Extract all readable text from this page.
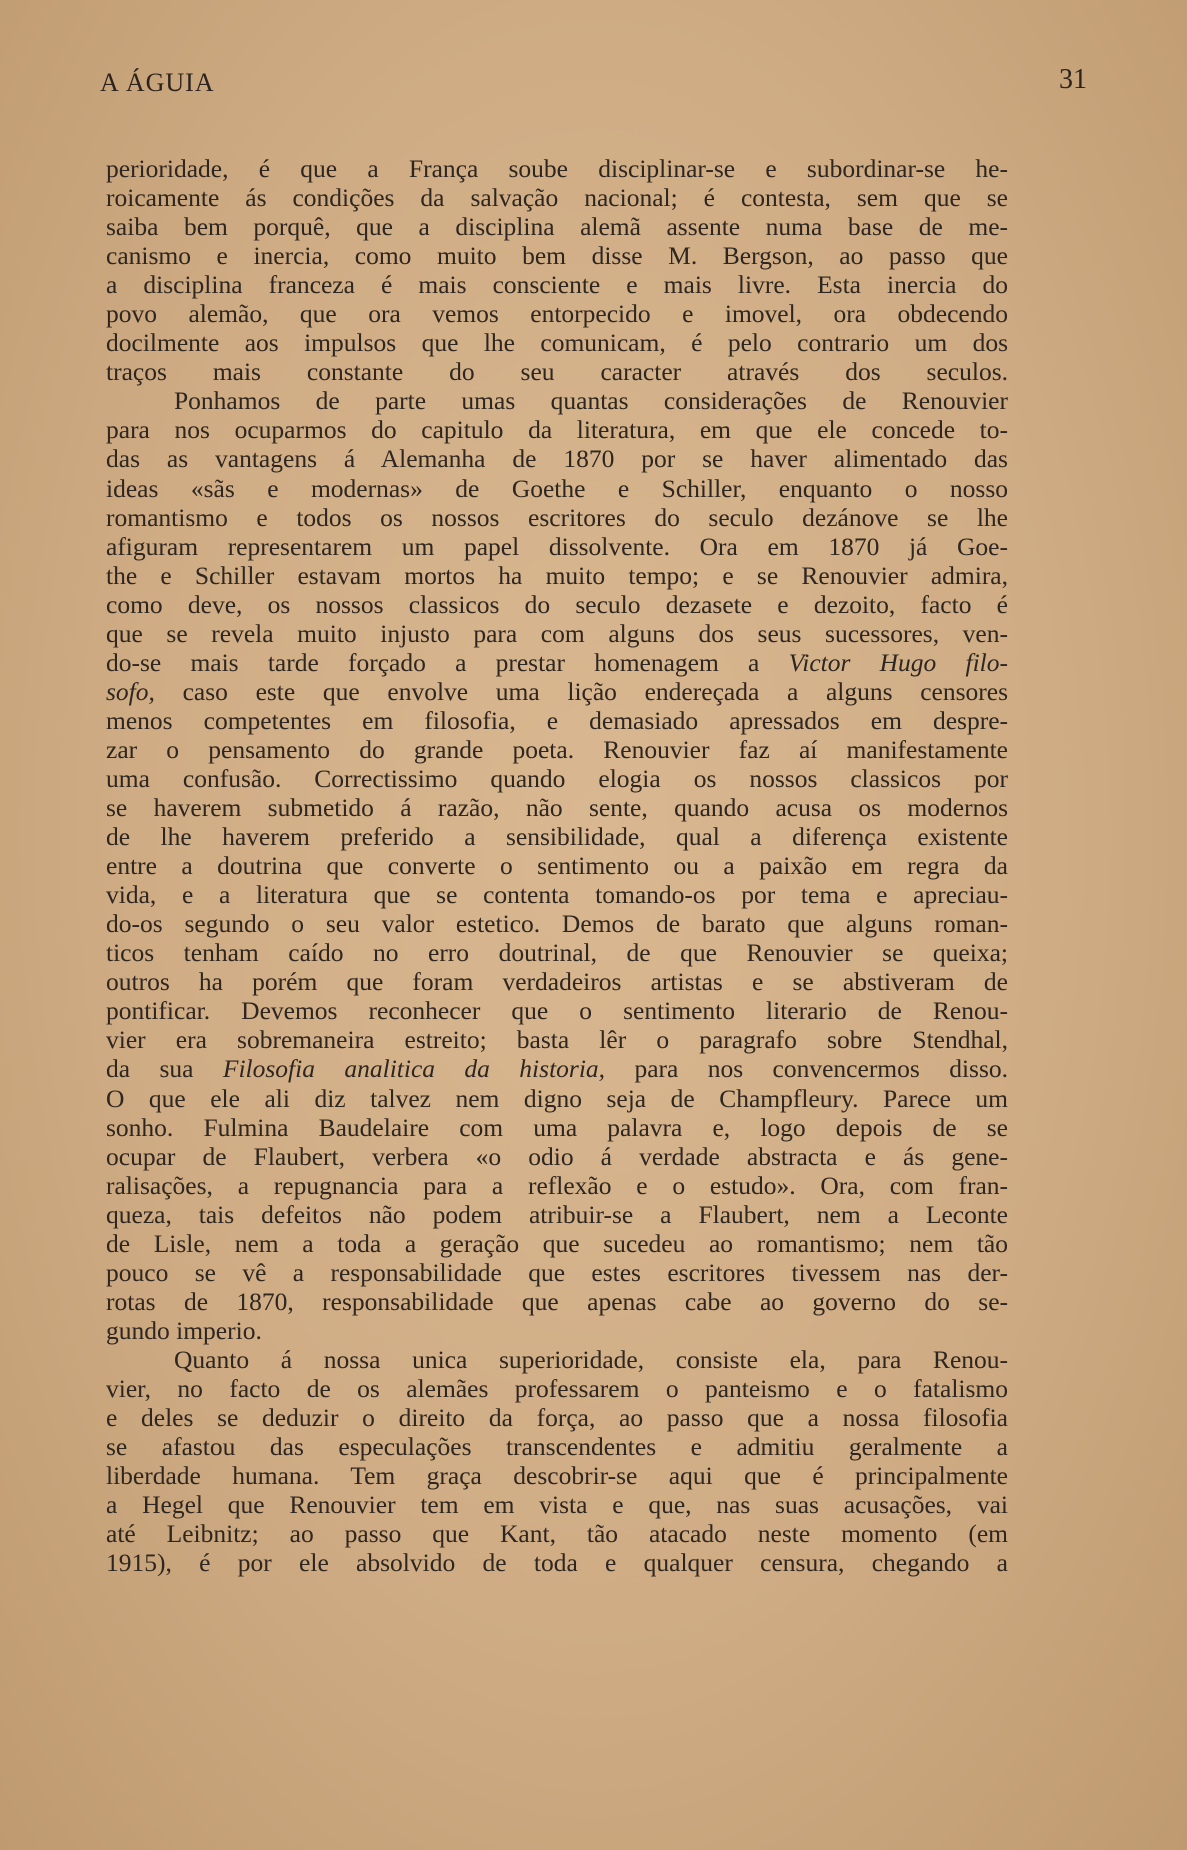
A ÁGUIA	31
perioridade, é que a França soube disciplinar-se e subordinar-se he-
roicamente ás condições da salvação nacional; é contesta, sem que se
saiba bem porquê, que a disciplina alemã assente numa base de me-
canismo e inercia, como muito bem disse M. Bergson, ao passo que
a disciplina franceza é mais consciente e mais livre. Esta inercia do
povo alemão, que ora vemos entorpecido e imovel, ora obdecendo
docilmente aos impulsos que lhe comunicam, é pelo contrario um dos
traços mais constante do seu caracter através dos seculos.
Ponhamos de parte umas quantas considerações de Renouvier
para nos ocuparmos do capitulo da literatura, em que ele concede to-
das as vantagens á Alemanha de 1870 por se haver alimentado das
ideas «sãs e modernas» de Goethe e Schiller, enquanto o nosso
romantismo e todos os nossos escritores do seculo dezánove se lhe
afiguram representarem um papel dissolvente. Ora em 1870 já Goe-
the e Schiller estavam mortos ha muito tempo; e se Renouvier admira,
como deve, os nossos classicos do seculo dezasete e dezoito, facto é
que se revela muito injusto para com alguns dos seus sucessores, ven-
do-se mais tarde forçado a prestar homenagem a Victor Hugo filo-
sofo, caso este que envolve uma lição endereçada a alguns censores
menos competentes em filosofia, e demasiado apressados em despre-
zar o pensamento do grande poeta. Renouvier faz aí manifestamente
uma confusão. Correctissimo quando elogia os nossos classicos por
se haverem submetido á razão, não sente, quando acusa os modernos
de lhe haverem preferido a sensibilidade, qual a diferença existente
entre a doutrina que converte o sentimento ou a paixão em regra da
vida, e a literatura que se contenta tomando-os por tema e apreciau-
do-os segundo o seu valor estetico. Demos de barato que alguns roman-
ticos tenham caído no erro doutrinal, de que Renouvier se queixa;
outros ha porém que foram verdadeiros artistas e se abstiveram de
pontificar. Devemos reconhecer que o sentimento literario de Renou-
vier era sobremaneira estreito; basta lêr o paragrafo sobre Stendhal,
da sua Filosofia analitica da historia, para nos convencermos disso.
O que ele ali diz talvez nem digno seja de Champfleury. Parece um
sonho. Fulmina Baudelaire com uma palavra e, logo depois de se
ocupar de Flaubert, verbera «o odio á verdade abstracta e ás gene-
ralisações, a repugnancia para a reflexão e o estudo». Ora, com fran-
queza, tais defeitos não podem atribuir-se a Flaubert, nem a Leconte
de Lisle, nem a toda a geração que sucedeu ao romantismo; nem tão
pouco se vê a responsabilidade que estes escritores tivessem nas der-
rotas de 1870, responsabilidade que apenas cabe ao governo do se-
gundo imperio.
Quanto á nossa unica superioridade, consiste ela, para Renou-
vier, no facto de os alemães professarem o panteismo e o fatalismo
e deles se deduzir o direito da força, ao passo que a nossa filosofia
se afastou das especulações transcendentes e admitiu geralmente a
liberdade humana. Tem graça descobrir-se aqui que é principalmente
a Hegel que Renouvier tem em vista e que, nas suas acusações, vai
até Leibnitz; ao passo que Kant, tão atacado neste momento (em
1915), é por ele absolvido de toda e qualquer censura, chegando a
